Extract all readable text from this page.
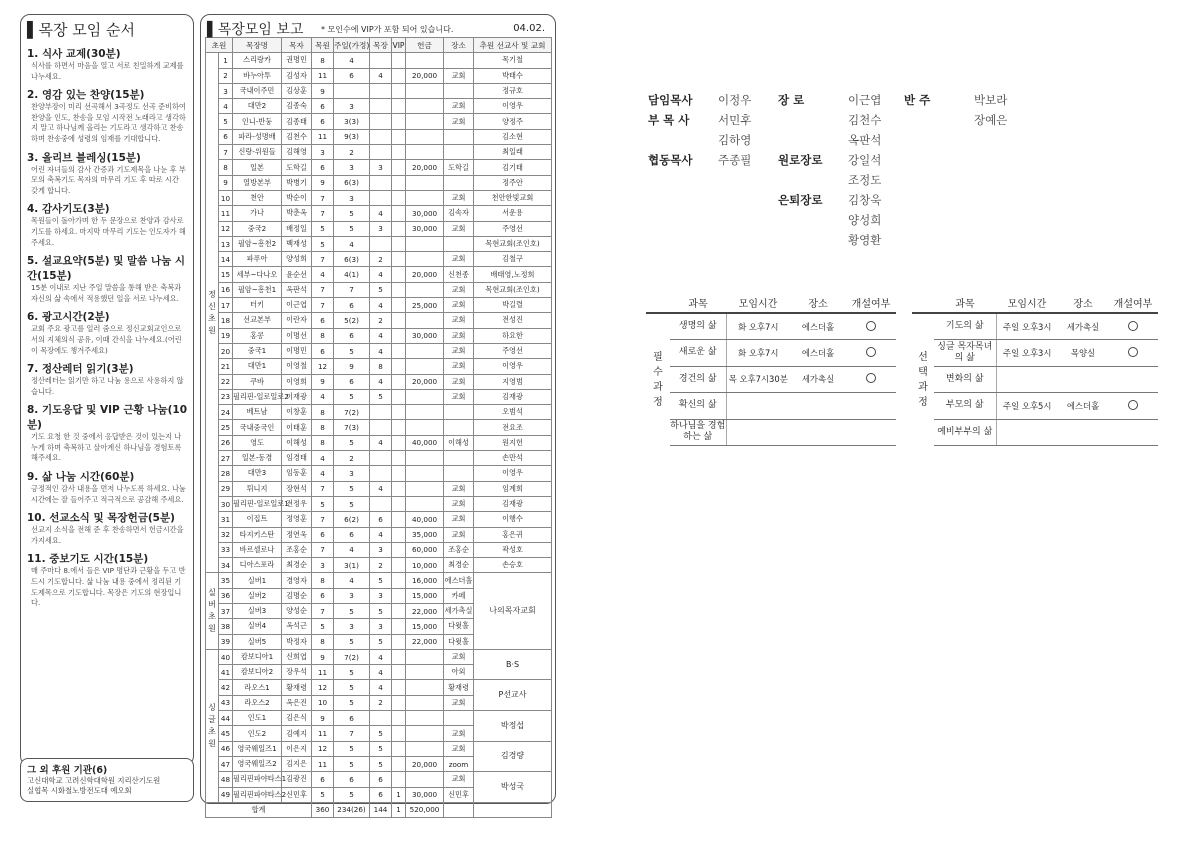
▌목장 모임 순서
1. 식사 교제(30분)
식사를 하면서 마음을 열고 서로 친밀하게 교제를 나누세요.
2. 영감 있는 찬양(15분)
찬양부장이 미리 선곡해서 3곡정도 선곡 준비하여 찬양을 인도, 찬송을 모임 시작전 노래라고 생각하지 말고 하나님께 올리는 기도라고 생각하고 찬송하며 찬송중에 성령의 임재를 기대합니다.
3. 올리브 블레싱(15분)
어린 자녀들의 감사 간증과 기도제목을 나눈 후 부모의 축복기도 목자의 마무리 기도 후 따로 시간 갖게 합니다.
4. 감사기도(3분)
목원들이 돌아가며 한 두 문장으로 찬양과 감사로 기도를 하세요. 마지막 마무리 기도는 인도자가 해주세요.
5. 설교요약(5분) 및 말씀 나눔 시간(15분)
15분 이내로 지난 주일 말씀을 통해 받은 축복과 자신의 삶 속에서 적용했던 일을 서로 나누세요.
6. 광고시간(2분)
교회 주요 광고를 일러 줌으로 정신교회교인으로서의 지체의식 공유, 이때 간식을 나누세요.(어린이 목장에도 챙겨주세요)
7. 정산레터 읽기(3분)
정산레터는 읽기만 하고 나눔 용으로 사용하지 않습니다.
8. 기도응답 및 VIP 근황 나눔(10분)
기도 요청 한 것 중에서 응답받은 것이 있는지 나누게 하며 축복하고 살아계신 하나님을 경험토록 해주세요.
9. 삶 나눔 시간(60분)
긍정적인 감사 내용을 먼저 나누도록 하세요. 나눔 시간에는 잘 들어주고 적극적으로 공감해 주세요.
10. 선교소식 및 목장헌금(5분)
선교지 소식을 전해 준 후 찬송하면서 헌금시간을 가지세요.
11. 중보기도 시간(15분)
매 주마다 8.에서 들은 VIP 명단과 근황을 두고 반드시 기도합니다. 삶 나눔 내용 중에서 정리된 기도제목으로 기도합니다. 목장은 기도의 현장입니다.
그 외 후원 기관(6)
고신대학교 고려신학대학원 지리산기도원
실협목 시화철노방전도대 예오회
▌목장모임 보고 * 모인수에 VIP가 포함 되어 있습니다.	04.02.
초원		목장명	목자	목원	주일(가정)	목장	VIP	헌금	장소	추원 선교사 및 교회
정신초원	1	스리랑카	권명민	8	4					목기철
	2	바누아투	김성자	11	6	4		20,000	교회	박태수
	3	국내이주민	김상훈	9						정규호
	4	대만2	김종숙	6	3				교회	이영우
	5	인니-반둥	김종태	6	3(3)				교회	양정주
	6	파라-성명배	김천수	11	9(3)					김소현
	7	신랑-위원들	김해영	3	2					최일래
	8	일본	도학길	6	3	3		20,000	도학길	김기태
	9	열방본부	박병기	9	6(3)					정주안
	10	천안	박순이	7	3				교회	천안한빛교회
	11	가나	박춘옥	7	5	4		30,000	김속자	서운용
	12	중국2	배정일	5	5	3		30,000	교회	주영선
	13	필암~흥천2	백재성	5	4					목현교회(조인호)
	14	파푸아	양성희	7	6(3)	2			교회	김철구
	15	세부~다나오	윤순선	4	4(1)	4		20,000	신천종	배태영,노정희
	16	필암~흥천1	옥판석	7	7	5			교회	목현교회(조인호)
	17	터키	이근엽	7	6	4		25,000	교회	박길렬
	18	선교본부	이란자	6	5(2)	2			교회	전성진
	19	홍콩	이명선	8	6	4		30,000	교회	하요한
	20	중국1	이명민	6	5	4			교회	주영선
	21	대만1	이영철	12	9	8			교회	이영우
	22	쿠바	이영희	9	6	4		20,000	교회	지영범
	23	필리핀-일로일로2	이재광	4	5	5			교회	김재광
	24	베트남	이창훈	8	7(2)					오범석
	25	국내중국인	이태훈	8	7(3)					전요조
	26	영도	이해성	8	5	4		40,000	이해성	원지헌
	27	일본-동경	임경태	4	2					손만석
	28	대만3	임동훈	4	3					이영우
	29	튀니지	장현석	7	5	4			교회	임계희
	30	필리핀-일로일로1	전정우	5	5				교회	김재광
	31	이집트	정영훈	7	6(2)	6		40,000	교회	이행수
	32	타지키스탄	정연욱	6	6	4		35,000	교회	홍은귀
	33	바르셀로나	조홍순	7	4	3		60,000	조홍순	곽성호
	34	디아스포라	최경순	3	3(1)	2		10,000	최경순	손승호
실버초원	35	실버1	경영자	8	4	5		16,000	에스더홀	나의목자교회
	36	실버2	김명순	6	3	3		15,000	카페	
	37	실버3	양성순	7	5	5		22,000	세가촉실	
	38	실버4	옥석근	5	3	3		15,000	다윗홀	
	39	실버5	박정자	8	5	5		22,000	다윗홀	
싱글초원	40	캄보디아1	신희엽	9	7(2)	4			교회	B·S
	41	캄보디아2	장우석	11	5	4			아외	
	42	라오스1	황재령	12	5	4			황재령	P선교사
	43	라오스2	옥은진	10	5	2			교회	
	44	인도1	김은식	9	6					박정섭
	45	인도2	김예지	11	7	5			교회	
	46	영국웨일즈1	이은지	12	5	5			교회	김경량
	47	영국웨일즈2	김지은	11	5	5		20,000	zoom	
	48	필리핀파야타스1	김광진	6	6	6			교회	박성국
	49	필리핀파야타스2	신민후	5	5	6	1	30,000	신민후	
합계				360	234(26)	144	1	520,000		
담임목사	이정우
부 목 사	서민후
김하영
협동목사	주종필
장 로	이근엽
김천수
옥판석
원로장로	강일석
조정도
은퇴장로	김창욱
양성희
황영환
반 주	박보라
장예은
	과목	모임시간	장소	개설여부

필
수
과
정	생명의 삶	화 오후7시	에스더홀	
	새로운 삶	화 오후7시	에스더홀	
	경건의 삶	목 오후7시30분	세가촉실	
	확신의 삶			
	하나님을 경험하는 삶			
	과목	모임시간	장소	개설여부

선
택
과
정	기도의 삶	주일 오후3시	세가촉실	
	싱글 목자목녀의 삶	주일 오후3시	목양실	
	변화의 삶			
	부모의 삶	주일 오후5시	에스더홀	
	예비부부의 삶			
